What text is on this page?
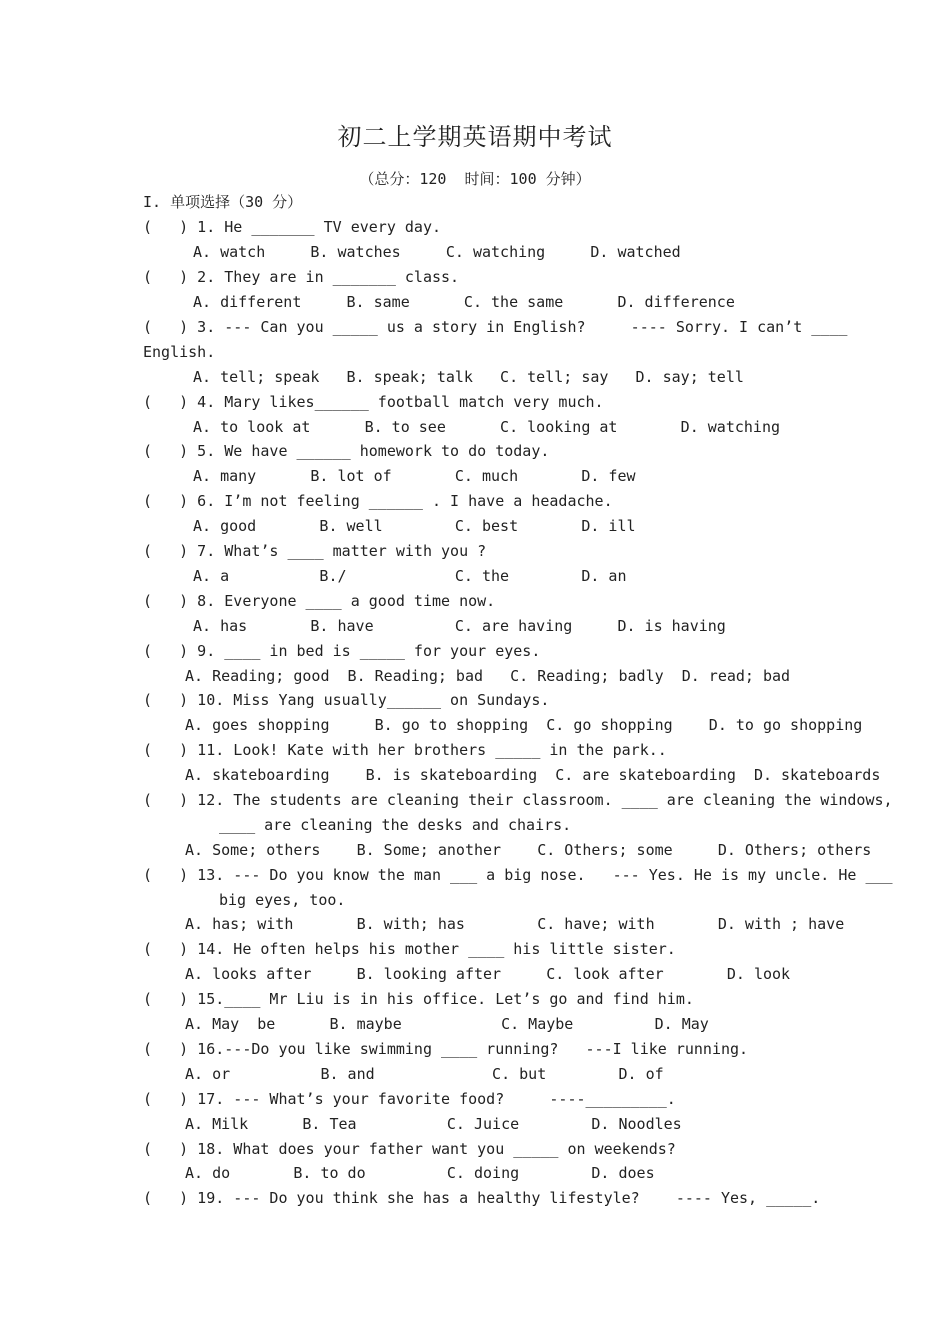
初二上学期英语期中考试
（总分：120  时间：100 分钟）
I. 单项选择（30 分）
(   ) 1. He _______ TV every day.
A. watch     B. watches     C. watching     D. watched
(   ) 2. They are in _______ class.
A. different     B. same      C. the same      D. difference
(   ) 3. --- Can you _____ us a story in English?     ---- Sorry. I can’t ____
English.
A. tell; speak   B. speak; talk   C. tell; say   D. say; tell
(   ) 4. Mary likes______ football match very much.
A. to look at      B. to see      C. looking at       D. watching
(   ) 5. We have ______ homework to do today.
A. many      B. lot of       C. much       D. few
(   ) 6. I’m not feeling ______ . I have a headache.
A. good       B. well        C. best       D. ill
(   ) 7. What’s ____ matter with you ?
A. a          B./            C. the        D. an
(   ) 8. Everyone ____ a good time now.
A. has       B. have         C. are having     D. is having
(   ) 9. ____ in bed is _____ for your eyes.
A. Reading; good  B. Reading; bad   C. Reading; badly  D. read; bad
(   ) 10. Miss Yang usually______ on Sundays.
A. goes shopping     B. go to shopping  C. go shopping    D. to go shopping
(   ) 11. Look! Kate with her brothers _____ in the park..
A. skateboarding    B. is skateboarding  C. are skateboarding  D. skateboards
(   ) 12. The students are cleaning their classroom. ____ are cleaning the windows,
____ are cleaning the desks and chairs.
A. Some; others    B. Some; another    C. Others; some     D. Others; others
(   ) 13. --- Do you know the man ___ a big nose.   --- Yes. He is my uncle. He ___
big eyes, too.
A. has; with       B. with; has        C. have; with       D. with ; have
(   ) 14. He often helps his mother ____ his little sister.
A. looks after     B. looking after     C. look after       D. look
(   ) 15.____ Mr Liu is in his office. Let’s go and find him.
A. May  be      B. maybe           C. Maybe         D. May
(   ) 16.---Do you like swimming ____ running?   ---I like running.
A. or          B. and             C. but        D. of
(   ) 17. --- What’s your favorite food?     ----_________.
A. Milk      B. Tea          C. Juice        D. Noodles
(   ) 18. What does your father want you _____ on weekends?
A. do       B. to do         C. doing        D. does
(   ) 19. --- Do you think she has a healthy lifestyle?    ---- Yes, _____.
